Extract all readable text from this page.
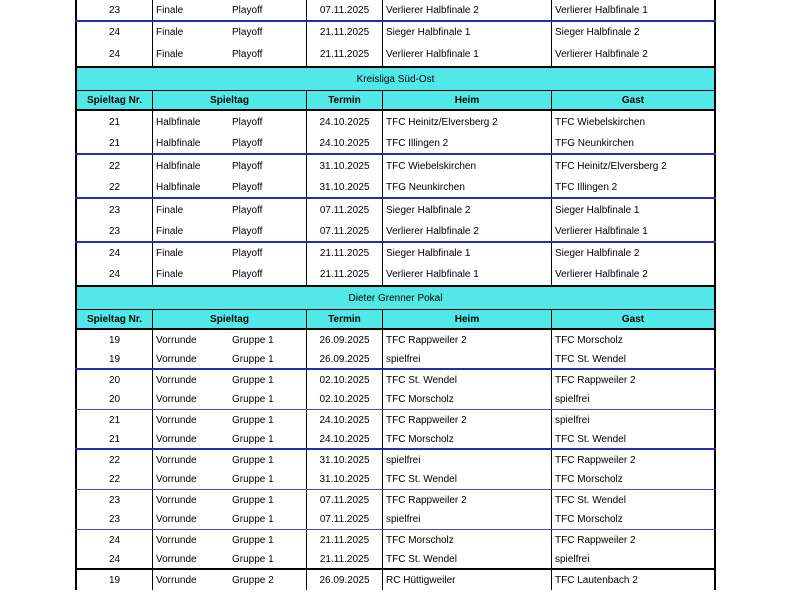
23	Finale	Playoff	07.11.2025	Verlierer Halbfinale 2	Verlierer Halbfinale 1
24	Finale	Playoff	21.11.2025	Sieger Halbfinale 1	Sieger Halbfinale 2
24	Finale	Playoff	21.11.2025	Verlierer Halbfinale 1	Verlierer Halbfinale 2
Kreisliga Süd-Ost
Spieltag Nr.	Spieltag	Termin	Heim	Gast
21	Halbfinale	Playoff	24.10.2025	TFC Heinitz/Elversberg 2	TFC Wiebelskirchen
21	Halbfinale	Playoff	24.10.2025	TFC Illingen 2	TFG Neunkirchen
22	Halbfinale	Playoff	31.10.2025	TFC Wiebelskirchen	TFC Heinitz/Elversberg 2
22	Halbfinale	Playoff	31.10.2025	TFG Neunkirchen	TFC Illingen 2
23	Finale	Playoff	07.11.2025	Sieger Halbfinale 2	Sieger Halbfinale 1
23	Finale	Playoff	07.11.2025	Verlierer Halbfinale 2	Verlierer Halbfinale 1
24	Finale	Playoff	21.11.2025	Sieger Halbfinale 1	Sieger Halbfinale 2
24	Finale	Playoff	21.11.2025	Verlierer Halbfinale 1	Verlierer Halbfinale 2
Dieter Grenner Pokal
Spieltag Nr.	Spieltag	Termin	Heim	Gast
19	Vorrunde	Gruppe 1	26.09.2025	TFC Rappweiler 2	TFC Morscholz
19	Vorrunde	Gruppe 1	26.09.2025	spielfrei	TFC St. Wendel
20	Vorrunde	Gruppe 1	02.10.2025	TFC St. Wendel	TFC Rappweiler 2
20	Vorrunde	Gruppe 1	02.10.2025	TFC Morscholz	spielfrei
21	Vorrunde	Gruppe 1	24.10.2025	TFC Rappweiler 2	spielfrei
21	Vorrunde	Gruppe 1	24.10.2025	TFC Morscholz	TFC St. Wendel
22	Vorrunde	Gruppe 1	31.10.2025	spielfrei	TFC Rappweiler 2
22	Vorrunde	Gruppe 1	31.10.2025	TFC St. Wendel	TFC Morscholz
23	Vorrunde	Gruppe 1	07.11.2025	TFC Rappweiler 2	TFC St. Wendel
23	Vorrunde	Gruppe 1	07.11.2025	spielfrei	TFC Morscholz
24	Vorrunde	Gruppe 1	21.11.2025	TFC Morscholz	TFC Rappweiler 2
24	Vorrunde	Gruppe 1	21.11.2025	TFC St. Wendel	spielfrei
19	Vorrunde	Gruppe 2	26.09.2025	RC Hüttigweiler	TFC Lautenbach 2
